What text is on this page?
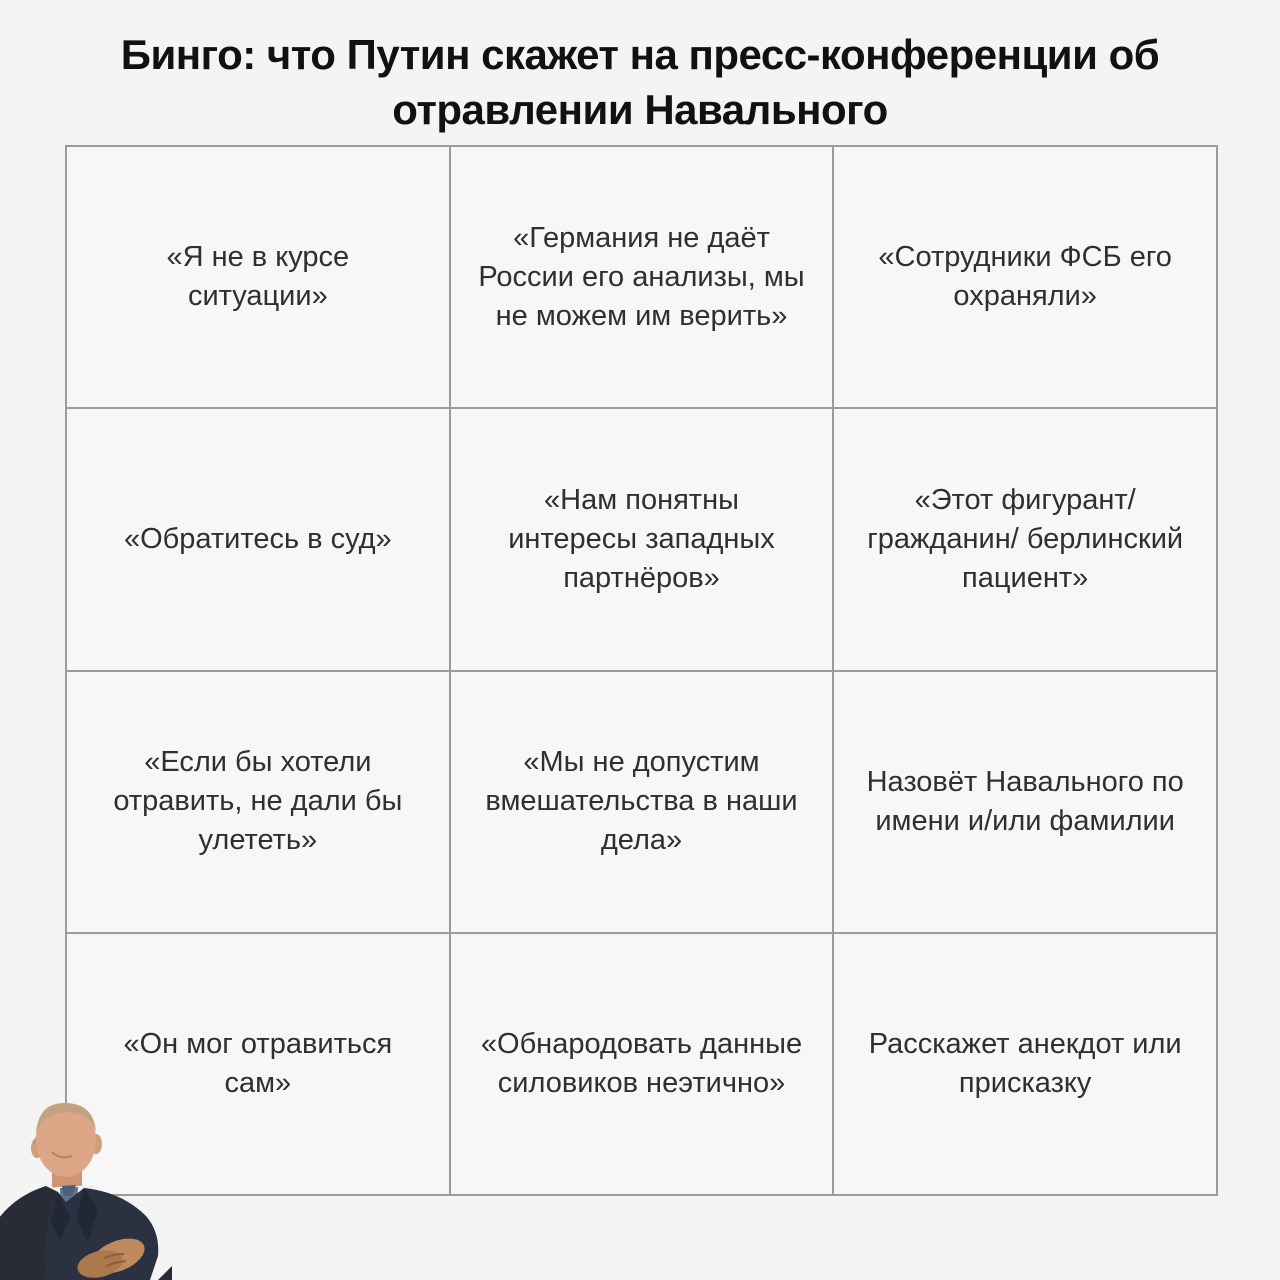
Бинго: что Путин скажет на пресс-конференции об отравлении Навального
«Я не в курсе ситуации»
«Германия не даёт России его анализы, мы не можем им верить»
«Сотрудники ФСБ его охраняли»
«Обратитесь в суд»
«Нам понятны интересы западных партнёров»
«Этот фигурант/ гражданин/ берлинский пациент»
«Если бы хотели отравить, не дали бы улететь»
«Мы не допустим вмешательства в наши дела»
Назовёт Навального по имени и/или фамилии
«Он мог отравиться сам»
«Обнародовать данные силовиков неэтично»
Расскажет анекдот или присказку
